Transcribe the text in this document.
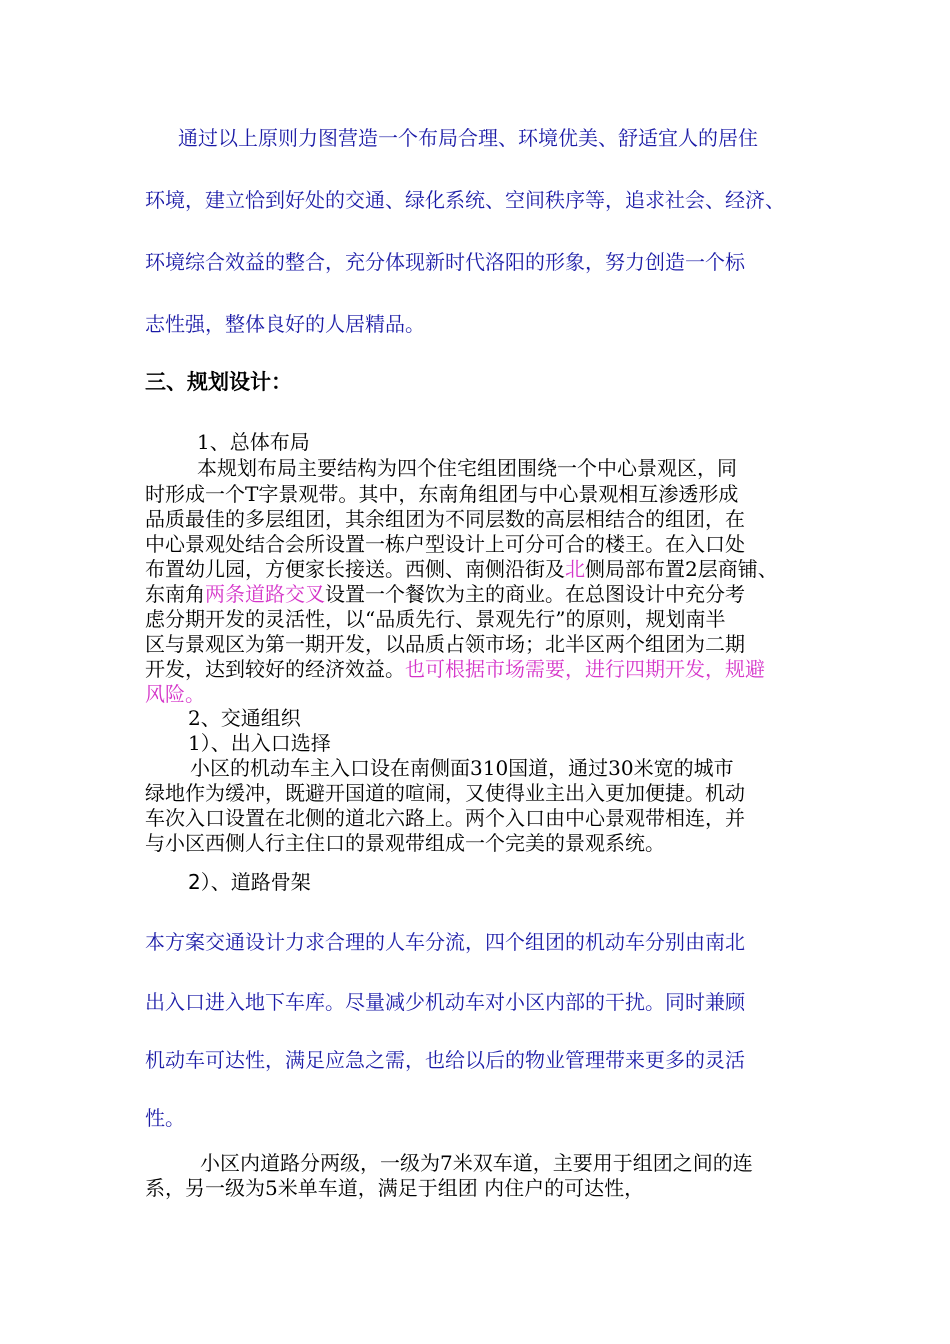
通过以上原则力图营造一个布局合理、环境优美、舒适宜人的居住
环境，建立恰到好处的交通、绿化系统、空间秩序等，追求社会、经济、
环境综合效益的整合，充分体现新时代洛阳的形象，努力创造一个标
志性强，整体良好的人居精品。
三、规划设计：
1、总体布局
本规划布局主要结构为四个住宅组团围绕一个中心景观区，同
时形成一个T字景观带。其中，东南角组团与中心景观相互渗透形成
品质最佳的多层组团，其余组团为不同层数的高层相结合的组团，在
中心景观处结合会所设置一栋户型设计上可分可合的楼王。在入口处
布置幼儿园，方便家长接送。西侧、南侧沿街及北侧局部布置2层商铺、
东南角两条道路交叉设置一个餐饮为主的商业。在总图设计中充分考
虑分期开发的灵活性，以“品质先行、景观先行”的原则，规划南半
区与景观区为第一期开发，以品质占领市场；北半区两个组团为二期
开发，达到较好的经济效益。也可根据市场需要，进行四期开发，规避
风险。
2、交通组织
1）、出入口选择
小区的机动车主入口设在南侧面310国道，通过30米宽的城市
绿地作为缓冲，既避开国道的喧闹，又使得业主出入更加便捷。机动
车次入口设置在北侧的道北六路上。两个入口由中心景观带相连，并
与小区西侧人行主住口的景观带组成一个完美的景观系统。
2）、道路骨架
本方案交通设计力求合理的人车分流，四个组团的机动车分别由南北
出入口进入地下车库。尽量减少机动车对小区内部的干扰。同时兼顾
机动车可达性，满足应急之需，也给以后的物业管理带来更多的灵活
性。
小区内道路分两级，一级为7米双车道，主要用于组团之间的连
系，另一级为5米单车道，满足于组团 内住户的可达性，
